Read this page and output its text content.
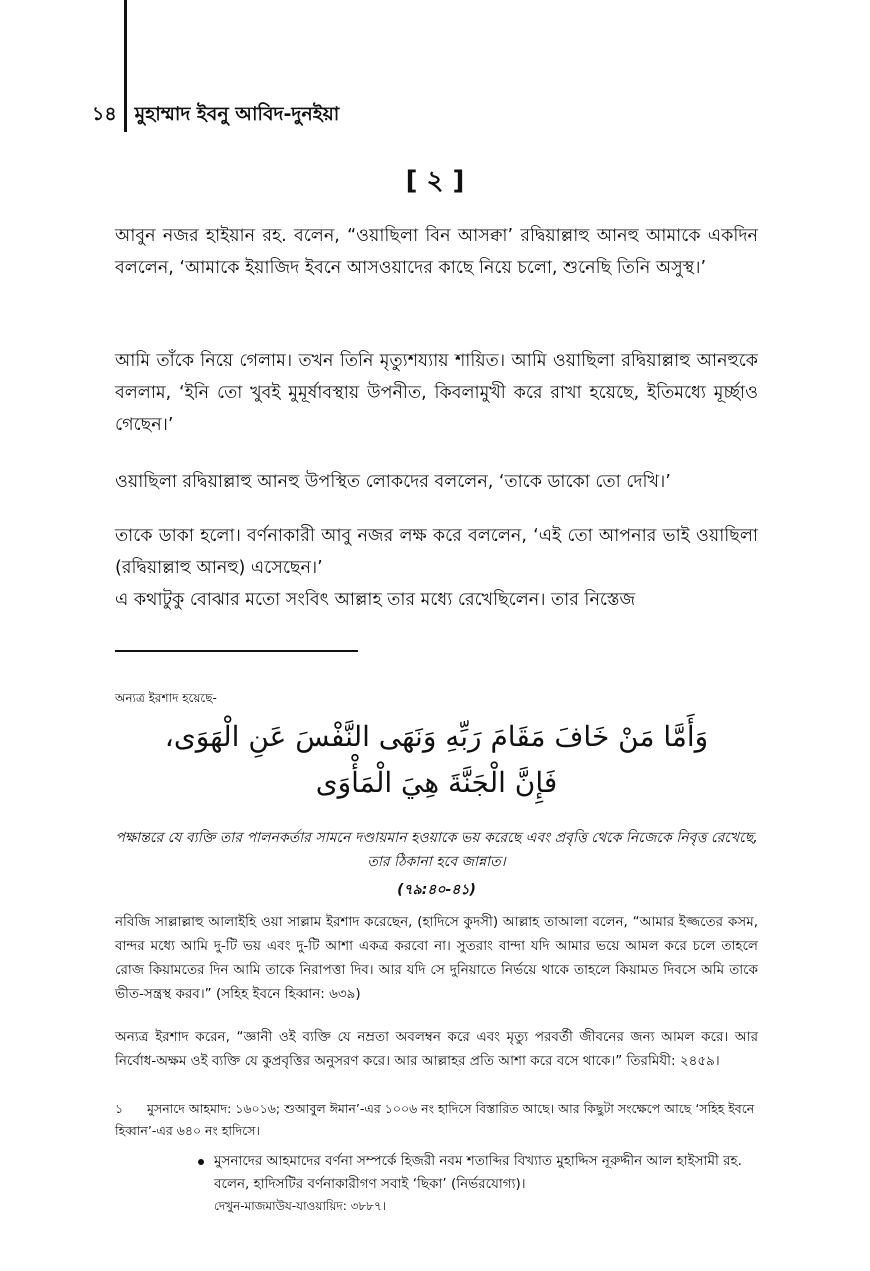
১৪ মুহাম্মাদ ইবনু আবিদ-দুনইয়া
[ ২ ]
আবুন নজর হাইয়ান রহ. বলেন, “ওয়াছিলা বিন আসক্বা’ রদ্বিয়াল্লাহু আনহু আমাকে একদিন বললেন, ‘আমাকে ইয়াজিদ ইবনে আসওয়াদের কাছে নিয়ে চলো, শুনেছি তিনি অসুস্থ।’
আমি তাঁকে নিয়ে গেলাম। তখন তিনি মৃত্যুশয্যায় শায়িত। আমি ওয়াছিলা রদ্বিয়াল্লাহু আনহুকে বললাম, ‘ইনি তো খুবই মুমূর্ষাবস্থায় উপনীত, কিবলামুখী করে রাখা হয়েছে, ইতিমধ্যে মূর্চ্ছাও গেছেন।’
ওয়াছিলা রদ্বিয়াল্লাহু আনহু উপস্থিত লোকদের বললেন, ‘তাকে ডাকো তো দেখি।’
তাকে ডাকা হলো। বর্ণনাকারী আবু নজর লক্ষ করে বললেন, ‘এই তো আপনার ভাই ওয়াছিলা (রদ্বিয়াল্লাহু আনহু) এসেছেন।’
এ কথাটুকু বোঝার মতো সংবিৎ আল্লাহ তার মধ্যে রেখেছিলেন। তার নিস্তেজ
অন্যত্র ইরশাদ হয়েছে-
وَأَمَّا مَنْ خَافَ مَقَامَ رَبِّهِ وَنَهَى النَّفْسَ عَنِ الْهَوَى،
فَإِنَّ الْجَنَّةَ هِيَ الْمَأْوَى
পক্ষান্তরে যে ব্যক্তি তার পালনকর্তার সামনে দণ্ডায়মান হওয়াকে ভয় করেছে এবং প্রবৃত্তি থেকে নিজেকে নিবৃত্ত রেখেছে, তার ঠিকানা হবে জান্নাত।
(৭৯:৪০-৪১)
নবিজি সাল্লাল্লাহু আলাইহি ওয়া সাল্লাম ইরশাদ করেছেন, (হাদিসে কুদসী) আল্লাহ তাআলা বলেন, “আমার ইজ্জতের কসম, বান্দর মধ্যে আমি দু-টি ভয় এবং দু-টি আশা একত্র করবো না। সুতরাং বান্দা যদি আমার ভয়ে আমল করে চলে তাহলে রোজ কিয়ামতের দিন আমি তাকে নিরাপত্তা দিব। আর যদি সে দুনিয়াতে নির্ভয়ে থাকে তাহলে কিয়ামত দিবসে অমি তাকে ভীত-সন্ত্রস্থ করব।” (সহিহ ইবনে হিব্বান: ৬৩৯)
অন্যত্র ইরশাদ করেন, “জ্ঞানী ওই ব্যক্তি যে নম্রতা অবলম্বন করে এবং মৃত্যু পরবর্তী জীবনের জন্য আমল করে। আর নির্বোধ-অক্ষম ওই ব্যক্তি যে কুপ্রবৃত্তির অনুসরণ করে। আর আল্লাহর প্রতি আশা করে বসে থাকে।” তিরমিযী: ২৪৫৯।
১ মুসনাদে আহমাদ: ১৬০১৬; শুআবুল ঈমান’-এর ১০০৬ নং হাদিসে বিস্তারিত আছে। আর কিছুটা সংক্ষেপে আছে ‘সহিহ ইবনে হিব্বান’-এর ৬৪০ নং হাদিসে।
মুসনাদের আহমাদের বর্ণনা সম্পর্কে হিজরী নবম শতাব্দির বিখ্যাত মুহাদ্দিস নূরুদ্দীন আল হাইসামী রহ. বলেন, হাদিসটির বর্ণনাকারীগণ সবাই ‘ছিকা’ (নির্ভরযোগ্য)।
দেখুন-মাজমাউয-যাওয়ায়িদ: ৩৮৮৭।
